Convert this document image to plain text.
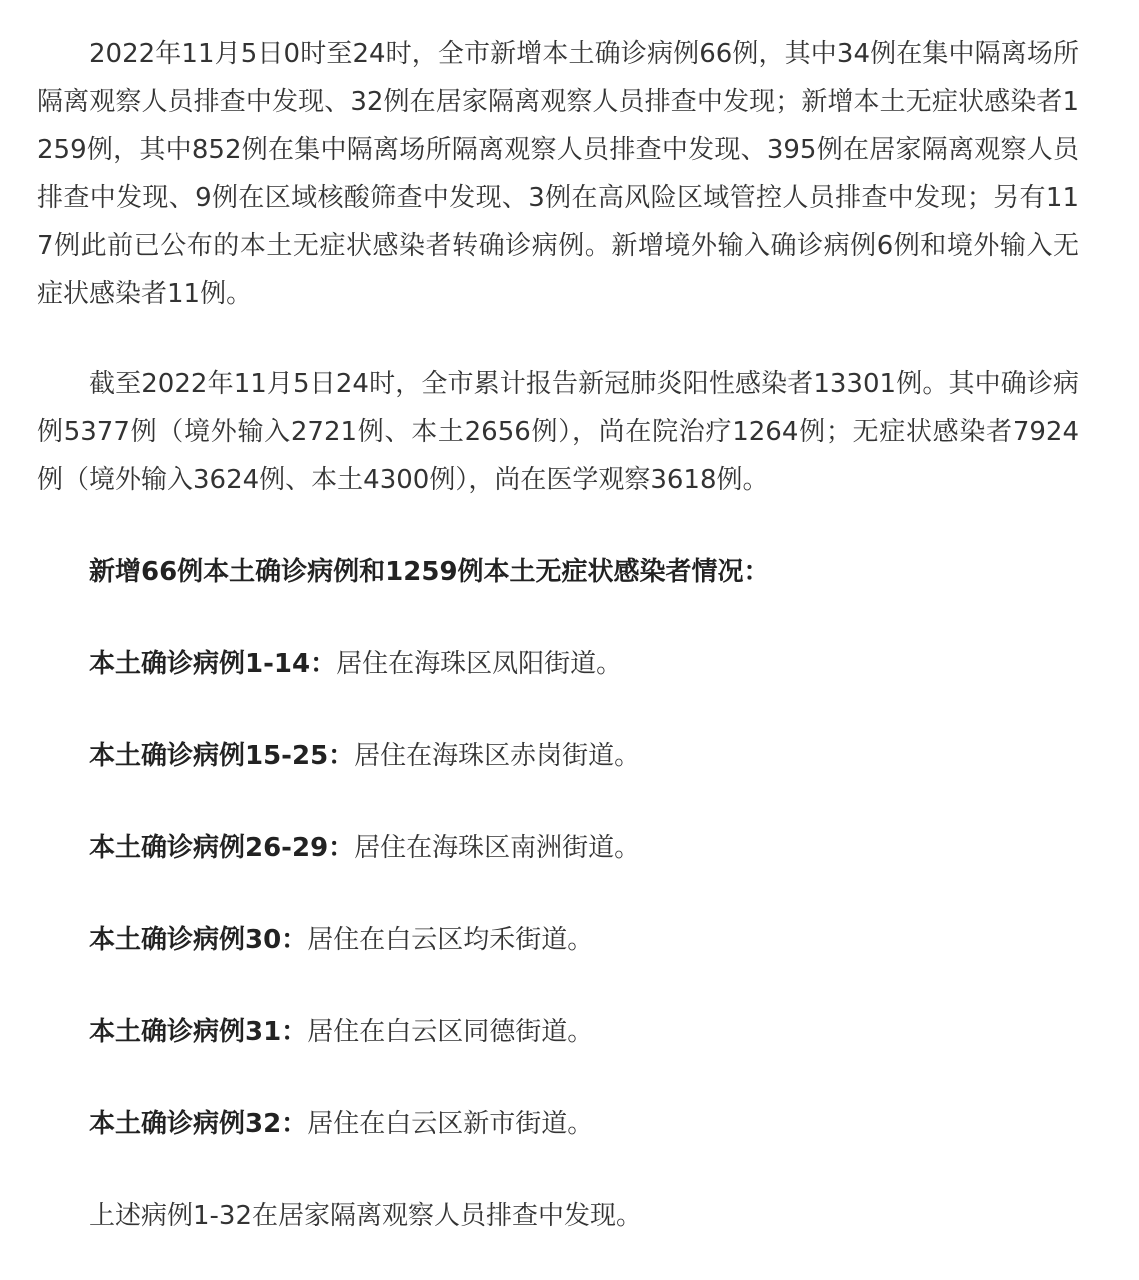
2022年11月5日0时至24时，全市新增本土确诊病例66例，其中34例在集中隔离场所隔离观察人员排查中发现、32例在居家隔离观察人员排查中发现；新增本土无症状感染者1259例，其中852例在集中隔离场所隔离观察人员排查中发现、395例在居家隔离观察人员排查中发现、9例在区域核酸筛查中发现、3例在高风险区域管控人员排查中发现；另有117例此前已公布的本土无症状感染者转确诊病例。新增境外输入确诊病例6例和境外输入无症状感染者11例。

截至2022年11月5日24时，全市累计报告新冠肺炎阳性感染者13301例。其中确诊病例5377例（境外输入2721例、本土2656例），尚在院治疗1264例；无症状感染者7924例（境外输入3624例、本土4300例），尚在医学观察3618例。

新增66例本土确诊病例和1259例本土无症状感染者情况：

本土确诊病例1-14：居住在海珠区凤阳街道。

本土确诊病例15-25：居住在海珠区赤岗街道。

本土确诊病例26-29：居住在海珠区南洲街道。

本土确诊病例30：居住在白云区均禾街道。

本土确诊病例31：居住在白云区同德街道。

本土确诊病例32：居住在白云区新市街道。

上述病例1-32在居家隔离观察人员排查中发现。
